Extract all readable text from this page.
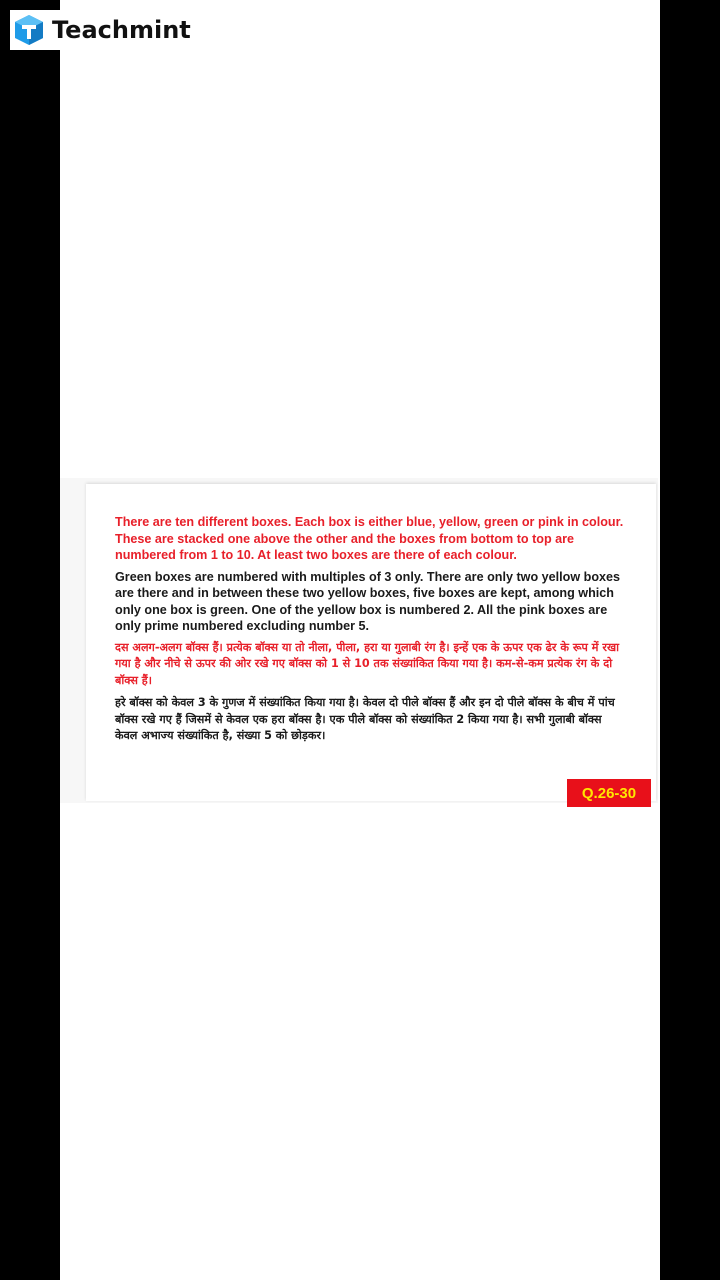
Teachmint

There are ten different boxes. Each box is either blue, yellow, green or pink in colour. These are stacked one above the other and the boxes from bottom to top are numbered from 1 to 10. At least two boxes are there of each colour.

Green boxes are numbered with multiples of 3 only. There are only two yellow boxes are there and in between these two yellow boxes, five boxes are kept, among which only one box is green. One of the yellow box is numbered 2. All the pink boxes are only prime numbered excluding number 5.

दस अलग-अलग बॉक्स हैं। प्रत्येक बॉक्स या तो नीला, पीला, हरा या गुलाबी रंग है। इन्हें एक के ऊपर एक ढेर के रूप में रखा गया है और नीचे से ऊपर की ओर रखे गए बॉक्स को 1 से 10 तक संख्यांकित किया गया है। कम-से-कम प्रत्येक रंग के दो बॉक्स हैं।

हरे बॉक्स को केवल 3 के गुणज में संख्यांकित किया गया है। केवल दो पीले बॉक्स हैं और इन दो पीले बॉक्स के बीच में पांच बॉक्स रखे गए हैं जिसमें से केवल एक हरा बॉक्स है। एक पीले बॉक्स को संख्यांकित 2 किया गया है। सभी गुलाबी बॉक्स केवल अभाज्य संख्यांकित है, संख्या 5 को छोड़कर।

Q.26-30
